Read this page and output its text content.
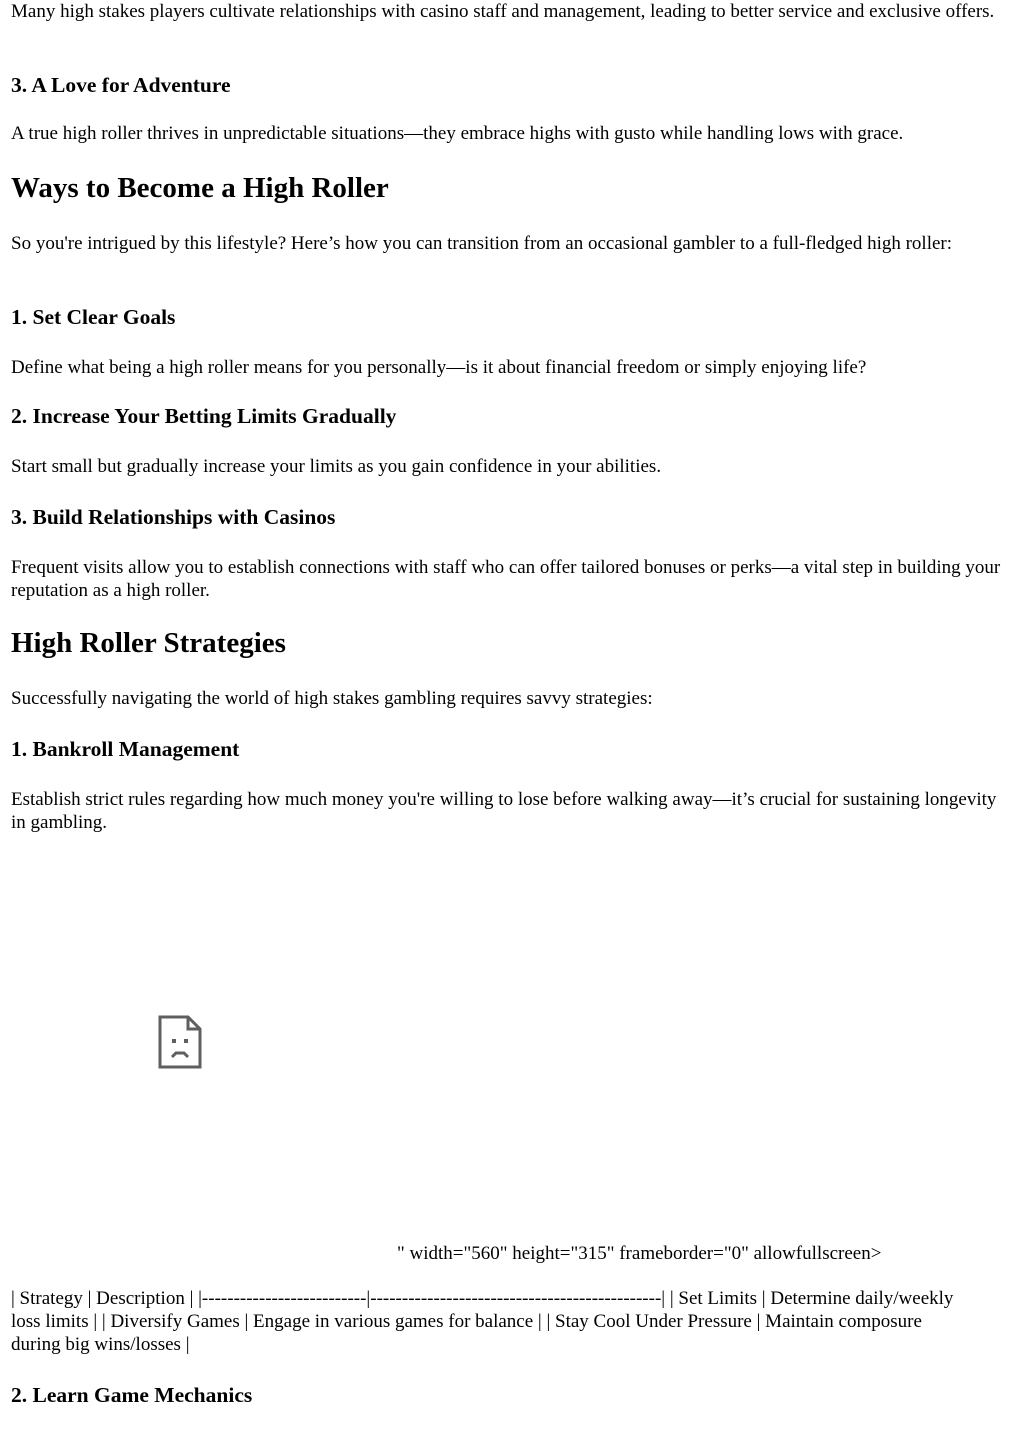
Many high stakes players cultivate relationships with casino staff and management, leading to better service and exclusive offers.

3. A Love for Adventure

A true high roller thrives in unpredictable situations—they embrace highs with gusto while handling lows with grace.

Ways to Become a High Roller

So you're intrigued by this lifestyle? Here’s how you can transition from an occasional gambler to a full-fledged high roller:

1. Set Clear Goals

Define what being a high roller means for you personally—is it about financial freedom or simply enjoying life?

2. Increase Your Betting Limits Gradually

Start small but gradually increase your limits as you gain confidence in your abilities.

3. Build Relationships with Casinos

Frequent visits allow you to establish connections with staff who can offer tailored bonuses or perks—a vital step in building your reputation as a high roller.

High Roller Strategies

Successfully navigating the world of high stakes gambling requires savvy strategies:

1. Bankroll Management

Establish strict rules regarding how much money you're willing to lose before walking away—it’s crucial for sustaining longevity in gambling.

" width="560" height="315" frameborder="0" allowfullscreen>

| Strategy | Description | |--------------------------|----------------------------------------------| | Set Limits | Determine daily/weekly loss limits | | Diversify Games | Engage in various games for balance | | Stay Cool Under Pressure | Maintain composure during big wins/losses |

2. Learn Game Mechanics
